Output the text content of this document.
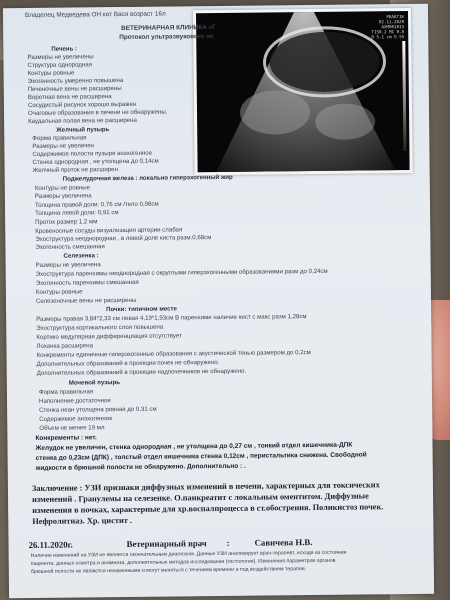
PRAKTIK
02.11.2020
AXM001015
TIS0.2 MI 0.8
D 5.1 cm G 55
Владелец Медведева ОН кот Вася возраст 16л
ВЕТЕРИНАРНАЯ КЛИНИКА «Г
Протокол ультразвукового ис
Печень :
Размеры не увеличены
Структура однородная
Контуры ровные
Эхогенность умеренно повышена
Печеночные вены не расширены
Воротная вена не расширена
Сосудистый рисунок хорошо выражен
Очаговые образования в печени не обнаружены.
Каудальная полая вена не расширена
Желчный пузырь
Форма правильная
Размеры не увеличен
Содержимое полости пузыря анэхогенное
Стенка однородная , не утолщена до 0,14см
Желчный проток не расширен
Поджелудочная железа : локально гиперэхогенный жир
Контуры не ровные
Размеры увеличена
Толщина правой доли: 0,76 см /тело 0,98см
Толщина левой доли: 0,91 см
Проток размер 1,2 мм
Кровеносные сосуды визуализация артерии слабая
Эхоструктура неоднородная , в левой доле киста разм.0,68см
Эхогенность смешанная
Селезенка :
Размеры не увеличена
Эхоструктура паренхимы неоднородная с округлыми гиперэхогенными образованиями разм до 0,24см
Эхогенность паренхимы смешанная
Контуры ровные
Селезеночные вены не расширены
Почки: типичном месте
Размеры правая 3,84*2,33 см левая 4,19*1,93см В паренхиме наличие кист с макс разм 1,28см
Эхоструктура кортикального слоя повышена
Кортико медулярная дифференциация отсутствует
Лоханка расширена
Конкременты единичные гиперэхогенные образования с акустической тенью размером до 0,2см
Дополнительных образований в проекции почек не обнаружено.
Дополнительных образований в проекции надпочечников не обнаружено.
Мочевой пузырь
Форма правильная
Наполнение достаточное
Стенка неан утолщена ровная до 0,31 см
Содержимое анэхогенное
Объем не менее 19 мл
Конкременты : нет.
Желудок не увеличен, стенка однородная , не утолщена до 0,27 см , тонкий отдел кишечника-ДПК
стенка до 0,23см (ДПК) , толстый отдел кишечника стенка 0,12см , перистальтика снижена. Свободной
жидкости в брюшной полости не обнаружено. Дополнительно : .
Заключение : УЗИ признаки диффузных изменений в печени, характерных для токсических
изменений . Гранулемы на селезенке. О.панкреатит с локальным оментитом. Диффузные
изменения в почках, характерные для хр.воспалпроцесса в ст.обострения. Поликистоз почек.
Нефролитиаз. Хр. цистит .
26.11.2020г.	Ветеринарный врач :	Савичева Н.В.
Наличие изменений на УЗИ не является окончательным диагнозом. Данные УЗИ анализирует врач-терапевт, исходя из состояния
пациента, данных осмотра и анамнеза, дополнительных методов исследования (гистология). Изменения параметров органов
брюшной полости не являются неизменными и могут меняться с течением времени и под воздействием терапии.
